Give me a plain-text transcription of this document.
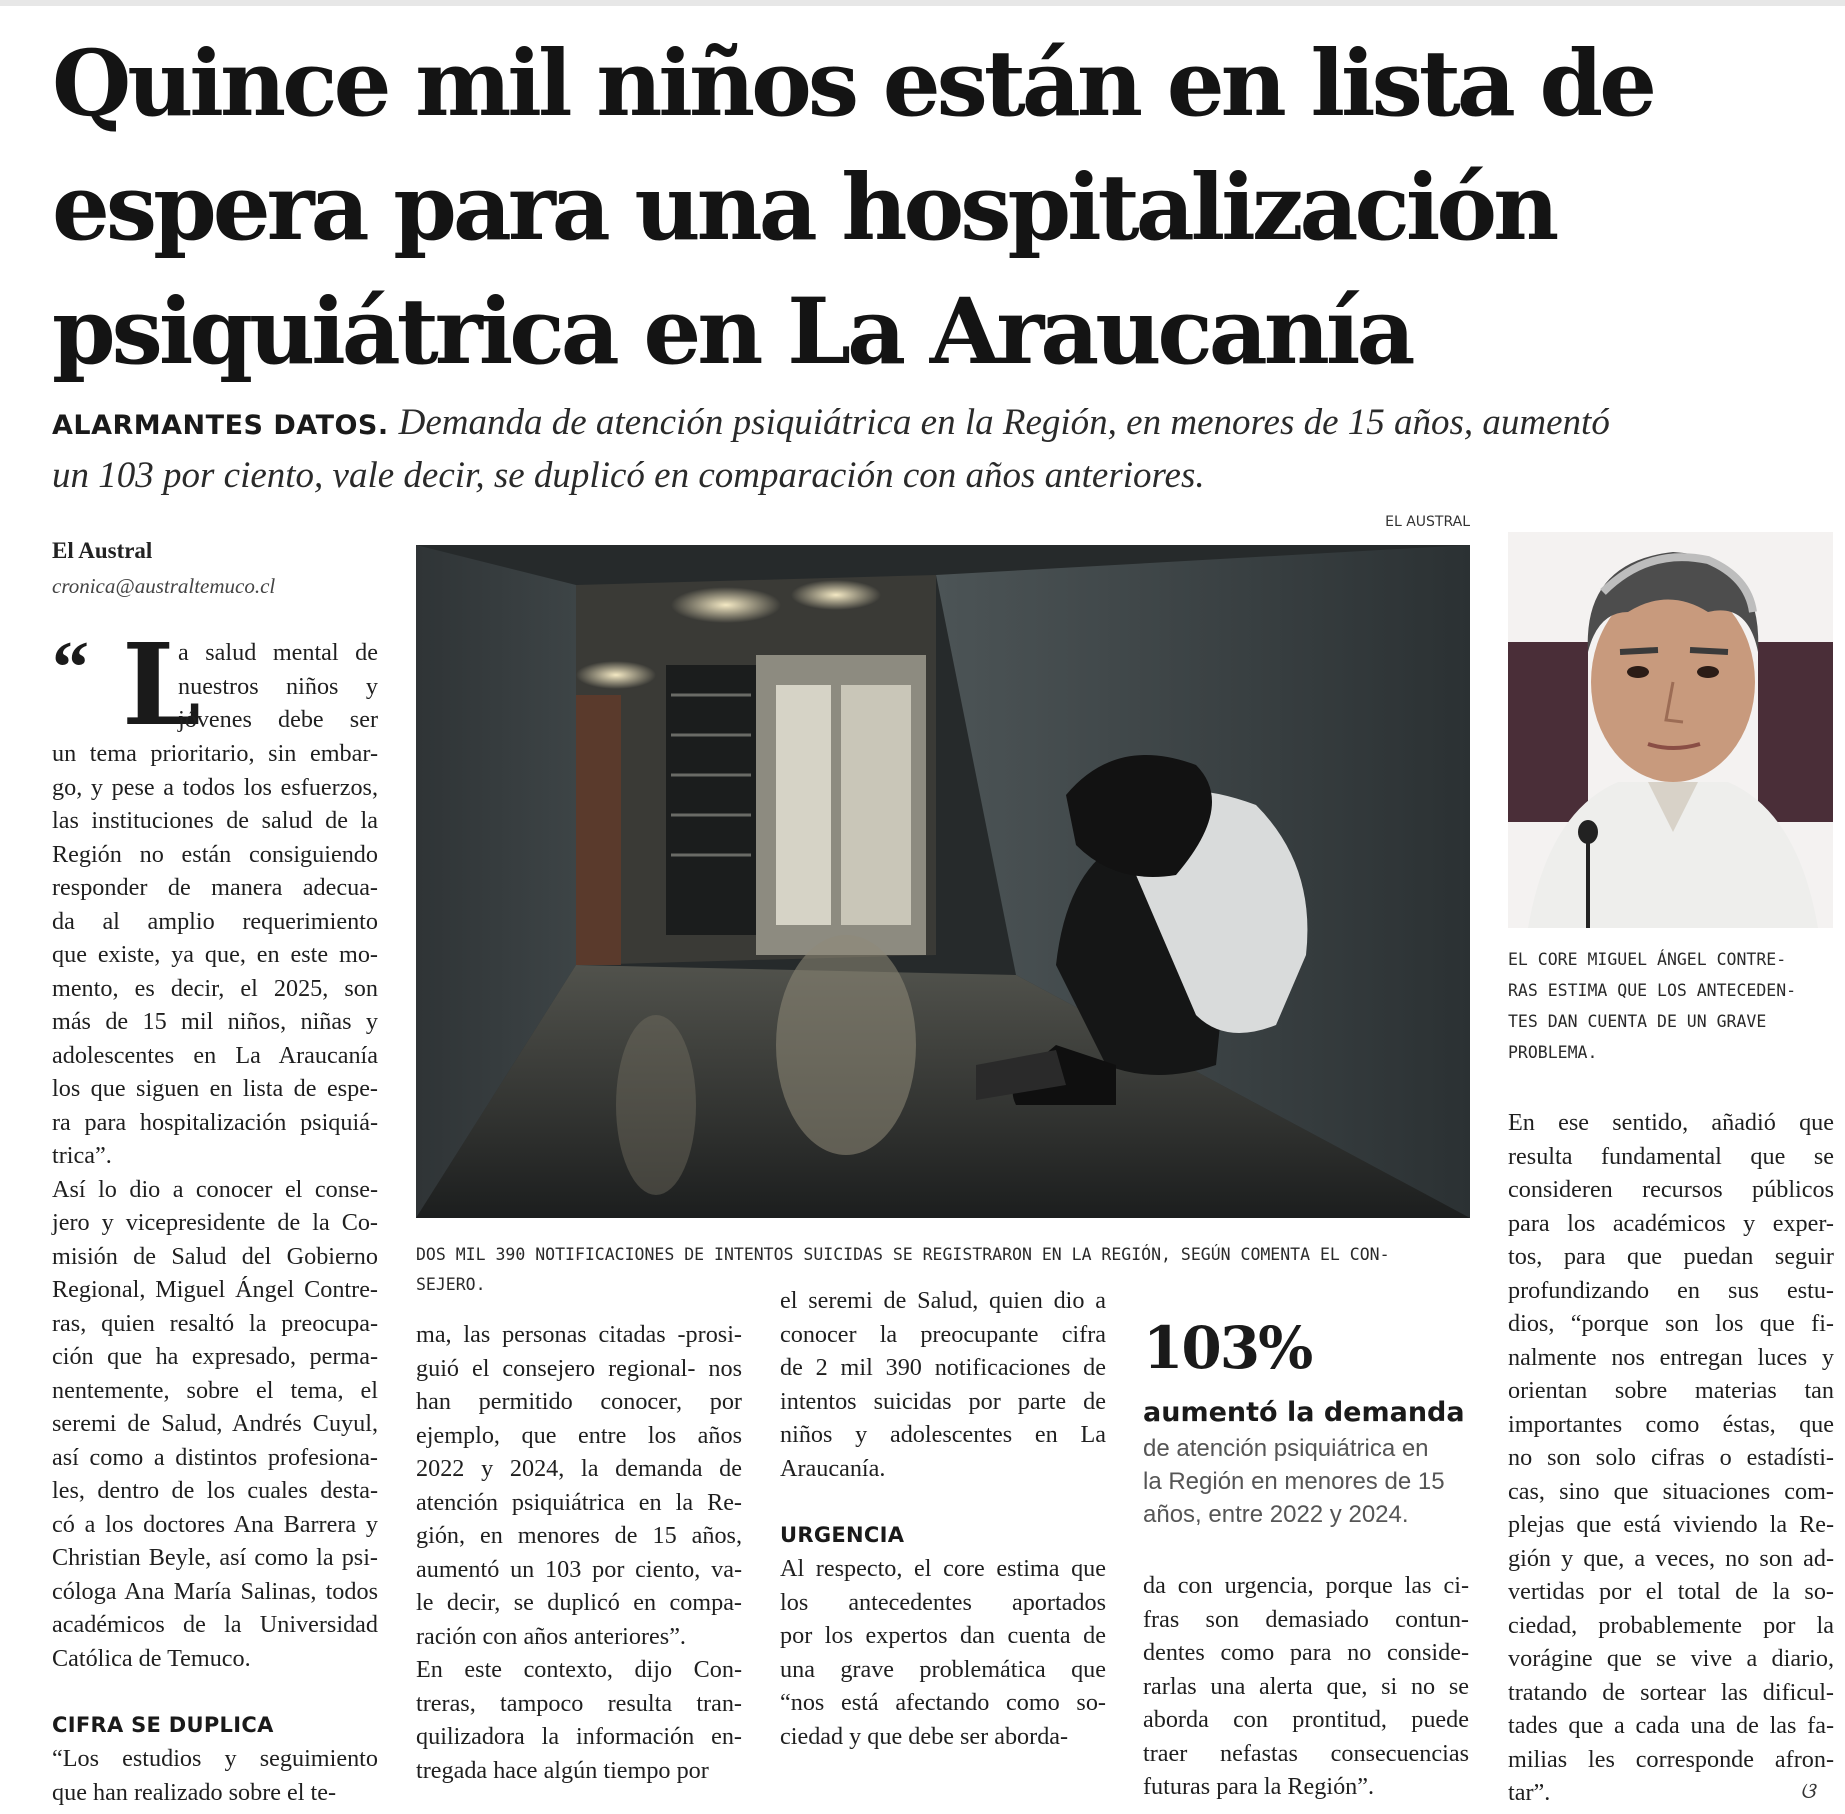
Quince mil niños están en lista de
espera para una hospitalización
psiquiátrica en La Araucanía
ALARMANTES DATOS. Demanda de atención psiquiátrica en la Región, en menores de 15 años, aumentó
un 103 por ciento, vale decir, se duplicó en comparación con años anteriores.
EL AUSTRAL
El Austral
cronica@australtemuco.cl
“ L
a salud mental de
nuestros niños y
jóvenes debe ser
un tema prioritario, sin embar-
go, y pese a todos los esfuerzos,
las instituciones de salud de la
Región no están consiguiendo
responder de manera adecua-
da al amplio requerimiento
que existe, ya que, en este mo-
mento, es decir, el 2025, son
más de 15 mil niños, niñas y
adolescentes en La Araucanía
los que siguen en lista de espe-
ra para hospitalización psiquiá-
trica”.
Así lo dio a conocer el conse-
jero y vicepresidente de la Co-
misión de Salud del Gobierno
Regional, Miguel Ángel Contre-
ras, quien resaltó la preocupa-
ción que ha expresado, perma-
nentemente, sobre el tema, el
seremi de Salud, Andrés Cuyul,
así como a distintos profesiona-
les, dentro de los cuales desta-
có a los doctores Ana Barrera y
Christian Beyle, así como la psi-
cóloga Ana María Salinas, todos
académicos de la Universidad
Católica de Temuco.
CIFRA SE DUPLICA
“Los estudios y seguimiento
que han realizado sobre el te-
DOS MIL 390 NOTIFICACIONES DE INTENTOS SUICIDAS SE REGISTRARON EN LA REGIÓN, SEGÚN COMENTA EL CON-
SEJERO.
EL CORE MIGUEL ÁNGEL CONTRE-
RAS ESTIMA QUE LOS ANTECEDEN-
TES DAN CUENTA DE UN GRAVE
PROBLEMA.
ma, las personas citadas -prosi-
guió el consejero regional- nos
han permitido conocer, por
ejemplo, que entre los años
2022 y 2024, la demanda de
atención psiquiátrica en la Re-
gión, en menores de 15 años,
aumentó un 103 por ciento, va-
le decir, se duplicó en compa-
ración con años anteriores”.
En este contexto, dijo Con-
treras, tampoco resulta tran-
quilizadora la información en-
tregada hace algún tiempo por
el seremi de Salud, quien dio a
conocer la preocupante cifra
de 2 mil 390 notificaciones de
intentos suicidas por parte de
niños y adolescentes en La
Araucanía.
URGENCIA
Al respecto, el core estima que
los antecedentes aportados
por los expertos dan cuenta de
una grave problemática que
“nos está afectando como so-
ciedad y que debe ser aborda-
103%
aumentó la demanda
de atención psiquiátrica en
la Región en menores de 15
años, entre 2022 y 2024.
da con urgencia, porque las ci-
fras son demasiado contun-
dentes como para no conside-
rarlas una alerta que, si no se
aborda con prontitud, puede
traer nefastas consecuencias
futuras para la Región”.
En ese sentido, añadió que
resulta fundamental que se
consideren recursos públicos
para los académicos y exper-
tos, para que puedan seguir
profundizando en sus estu-
dios, “porque son los que fi-
nalmente nos entregan luces y
orientan sobre materias tan
importantes como éstas, que
no son solo cifras o estadísti-
cas, sino que situaciones com-
plejas que está viviendo la Re-
gión y que, a veces, no son ad-
vertidas por el total de la so-
ciedad, probablemente por la
vorágine que se vive a diario,
tratando de sortear las dificul-
tades que a cada una de las fa-
milias les corresponde afron-
tar”.	ଓ
